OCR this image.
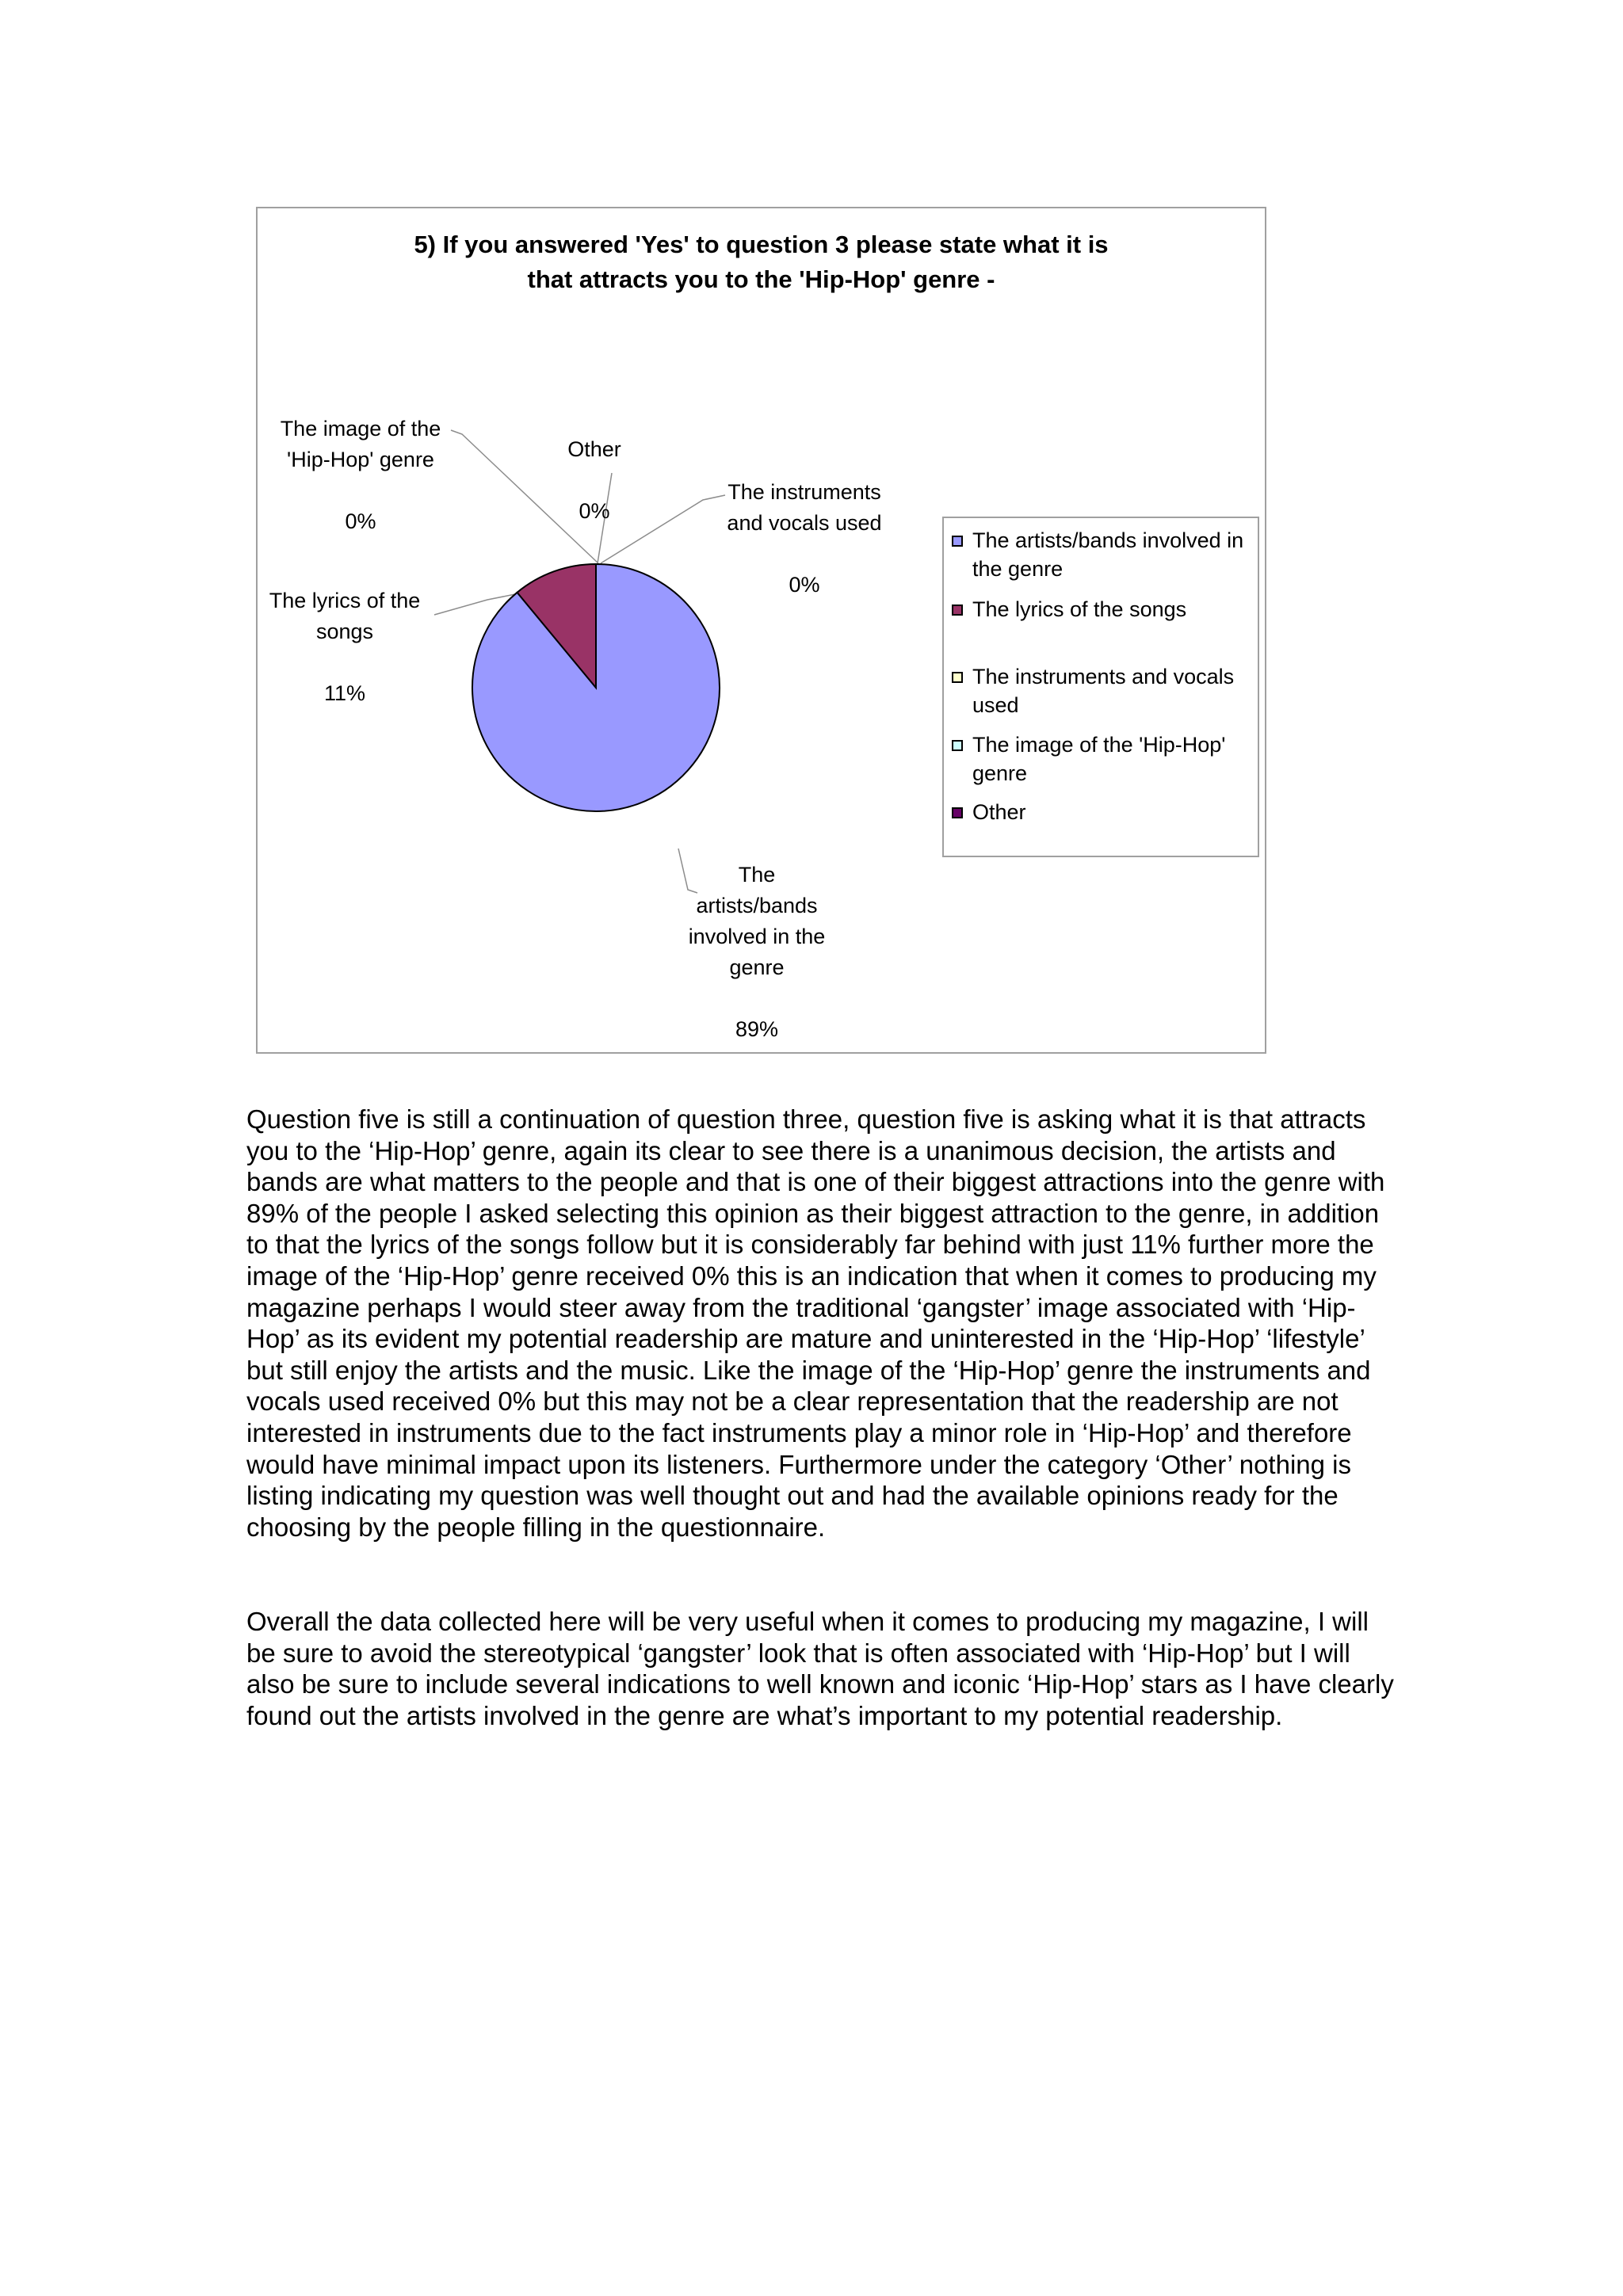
5) If you answered 'Yes' to question 3 please state what it is
that attracts you to the 'Hip-Hop' genre -

The artists/bands
involved in the
genre

89%

The lyrics of the
songs

11%

The instruments
and vocals used

0%

The image of the
'Hip-Hop' genre

0%

Other

0%

The artists/bands involved in the genre
The lyrics of the songs
The instruments and vocals used
The image of the 'Hip-Hop' genre
Other

Question five is still a continuation of question three, question five is asking what it is that attracts you to the ‘Hip-Hop’ genre, again its clear to see there is a unanimous decision, the artists and bands are what matters to the people and that is one of their biggest attractions into the genre with 89% of the people I asked selecting this opinion as their biggest attraction to the genre, in addition to that the lyrics of the songs follow but it is considerably far behind with just 11% further more the image of the ‘Hip-Hop’ genre received 0% this is an indication that when it comes to producing my magazine perhaps I would steer away from the traditional ‘gangster’ image associated with ‘Hip-Hop’ as its evident my potential readership are mature and uninterested in the ‘Hip-Hop’ ‘lifestyle’ but still enjoy the artists and the music. Like the image of the ‘Hip-Hop’ genre the instruments and vocals used received 0% but this may not be a clear representation that the readership are not interested in instruments due to the fact instruments play a minor role in ‘Hip-Hop’ and therefore would have minimal impact upon its listeners. Furthermore under the category ‘Other’ nothing is listing indicating my question was well thought out and had the available opinions ready for the choosing by the people filling in the questionnaire.

Overall the data collected here will be very useful when it comes to producing my magazine, I will be sure to avoid the stereotypical ‘gangster’ look that is often associated with ‘Hip-Hop’ but I will also be sure to include several indications to well known and iconic ‘Hip-Hop’ stars as I have clearly found out the artists involved in the genre are what’s important to my potential readership.
